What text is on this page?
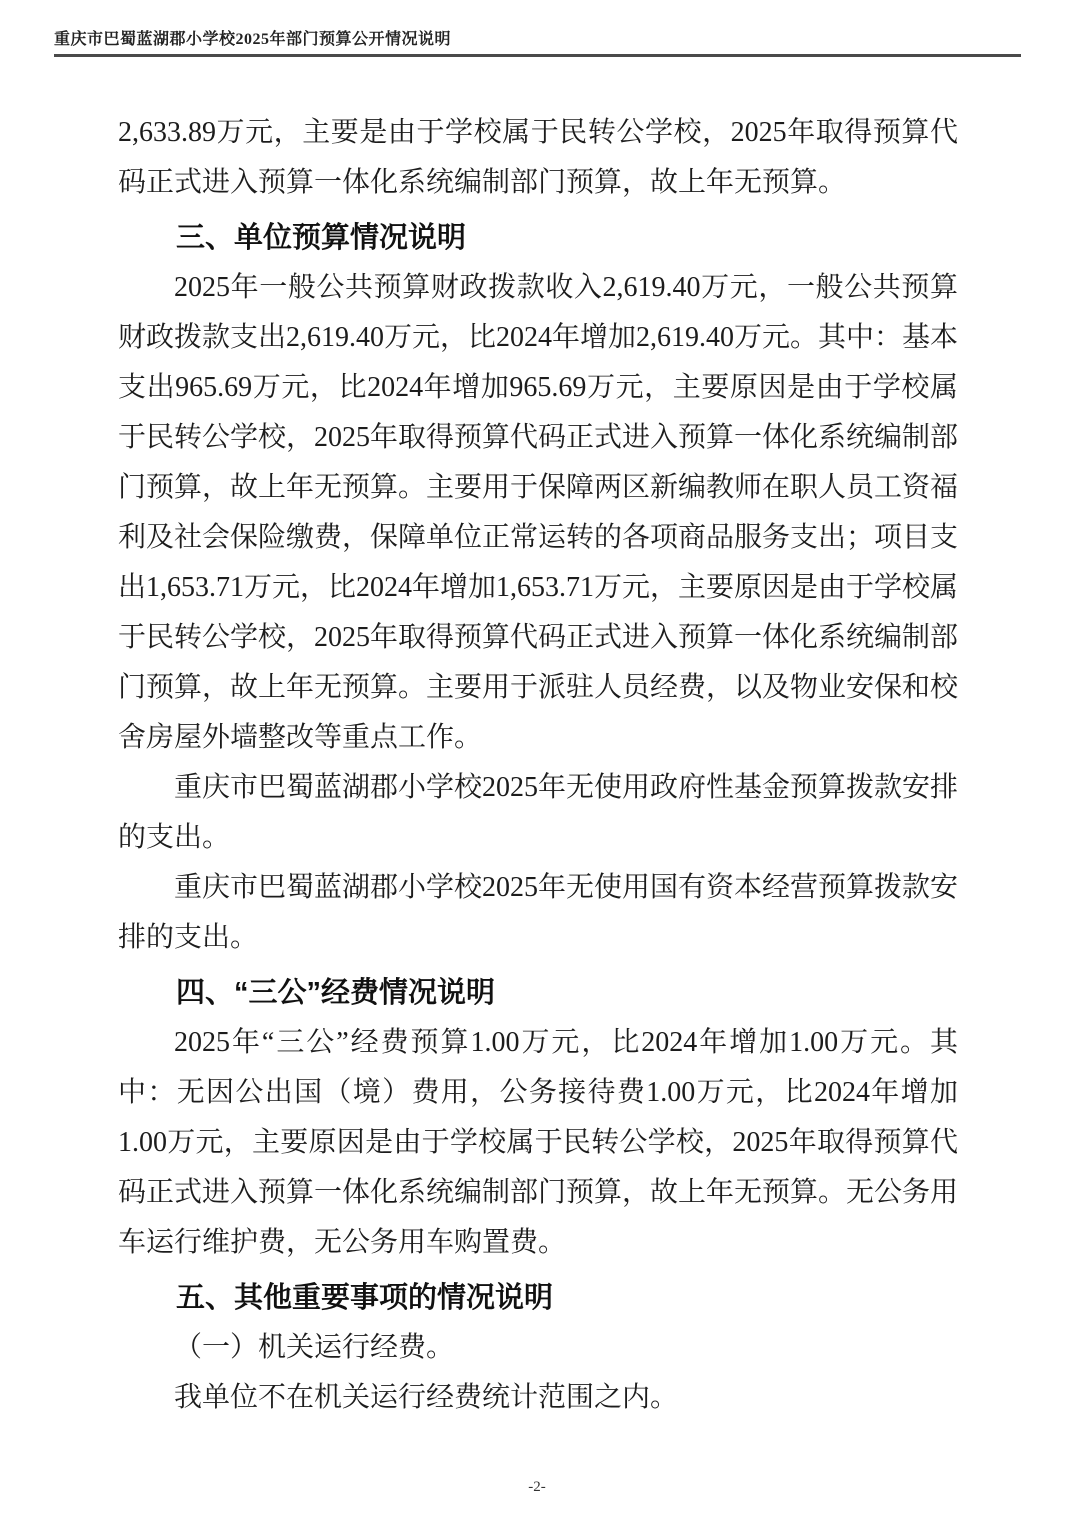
重庆市巴蜀蓝湖郡小学校2025年部门预算公开情况说明

2,633.89万元，主要是由于学校属于民转公学校，2025年取得预算代码正式进入预算一体化系统编制部门预算，故上年无预算。

三、单位预算情况说明

2025年一般公共预算财政拨款收入2,619.40万元，一般公共预算财政拨款支出2,619.40万元，比2024年增加2,619.40万元。其中：基本支出965.69万元，比2024年增加965.69万元，主要原因是由于学校属于民转公学校，2025年取得预算代码正式进入预算一体化系统编制部门预算，故上年无预算。主要用于保障两区新编教师在职人员工资福利及社会保险缴费，保障单位正常运转的各项商品服务支出；项目支出1,653.71万元，比2024年增加1,653.71万元，主要原因是由于学校属于民转公学校，2025年取得预算代码正式进入预算一体化系统编制部门预算，故上年无预算。主要用于派驻人员经费，以及物业安保和校舍房屋外墙整改等重点工作。

重庆市巴蜀蓝湖郡小学校2025年无使用政府性基金预算拨款安排的支出。

重庆市巴蜀蓝湖郡小学校2025年无使用国有资本经营预算拨款安排的支出。

四、“三公”经费情况说明

2025年“三公”经费预算1.00万元，比2024年增加1.00万元。其中：无因公出国（境）费用，公务接待费1.00万元，比2024年增加1.00万元，主要原因是由于学校属于民转公学校，2025年取得预算代码正式进入预算一体化系统编制部门预算，故上年无预算。无公务用车运行维护费，无公务用车购置费。

五、其他重要事项的情况说明

（一）机关运行经费。

我单位不在机关运行经费统计范围之内。

-2-
